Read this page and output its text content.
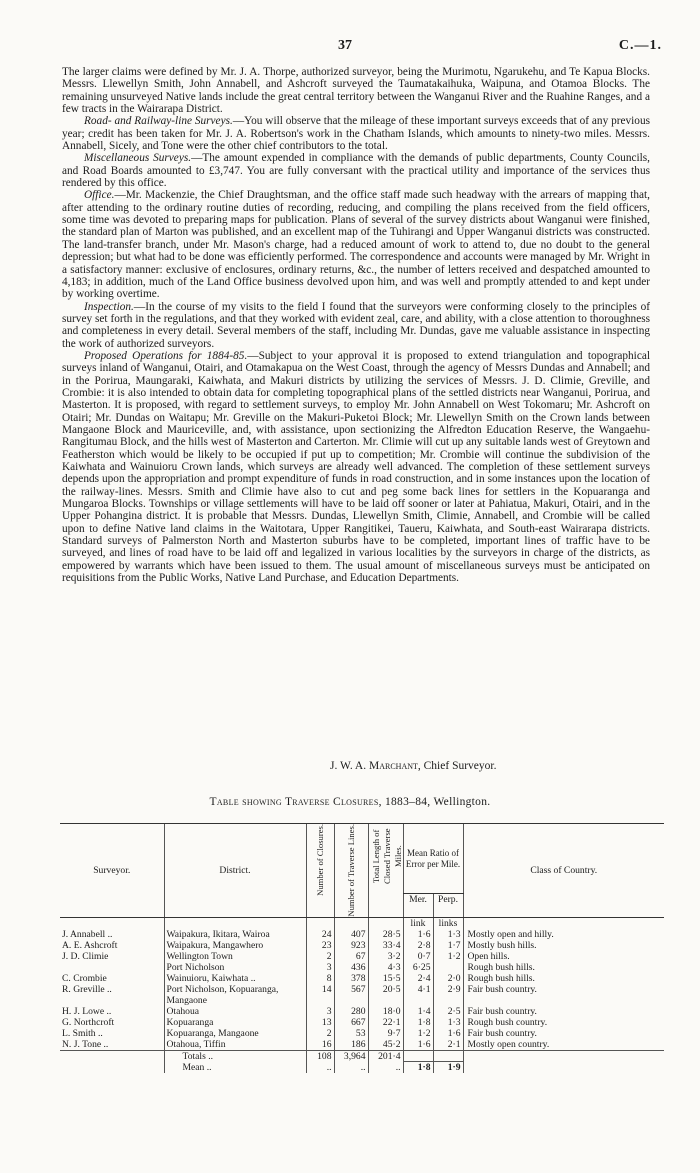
37	C.—1.

The larger claims were defined by Mr. J. A. Thorpe, authorized surveyor, being the Murimotu, Ngarukehu, and Te Kapua Blocks. Messrs. Llewellyn Smith, John Annabell, and Ashcroft surveyed the Taumatakaihuka, Waipuna, and Otamoa Blocks. The remaining unsurveyed Native lands include the great central territory between the Wanganui River and the Ruahine Ranges, and a few tracts in the Wairarapa District.

Road- and Railway-line Surveys.—You will observe that the mileage of these important surveys exceeds that of any previous year; credit has been taken for Mr. J. A. Robertson's work in the Chatham Islands, which amounts to ninety-two miles. Messrs. Annabell, Sicely, and Tone were the other chief contributors to the total.

Miscellaneous Surveys.—The amount expended in compliance with the demands of public departments, County Councils, and Road Boards amounted to £3,747. You are fully conversant with the practical utility and importance of the services thus rendered by this office.

Office.—Mr. Mackenzie, the Chief Draughtsman, and the office staff made such headway with the arrears of mapping that, after attending to the ordinary routine duties of recording, reducing, and compiling the plans received from the field officers, some time was devoted to preparing maps for publication. Plans of several of the survey districts about Wanganui were finished, the standard plan of Marton was published, and an excellent map of the Tuhirangi and Upper Wanganui districts was constructed. The land-transfer branch, under Mr. Mason's charge, had a reduced amount of work to attend to, due no doubt to the general depression; but what had to be done was efficiently performed. The correspondence and accounts were managed by Mr. Wright in a satisfactory manner: exclusive of enclosures, ordinary returns, &c., the number of letters received and despatched amounted to 4,183; in addition, much of the Land Office business devolved upon him, and was well and promptly attended to and kept under by working overtime.

Inspection.—In the course of my visits to the field I found that the surveyors were conforming closely to the principles of survey set forth in the regulations, and that they worked with evident zeal, care, and ability, with a close attention to thoroughness and completeness in every detail. Several members of the staff, including Mr. Dundas, gave me valuable assistance in inspecting the work of authorized surveyors.

Proposed Operations for 1884-85.—Subject to your approval it is proposed to extend triangulation and topographical surveys inland of Wanganui, Otairi, and Otamakapua on the West Coast, through the agency of Messrs Dundas and Annabell; and in the Porirua, Maungaraki, Kaiwhata, and Makuri districts by utilizing the services of Messrs. J. D. Climie, Greville, and Crombie: it is also intended to obtain data for completing topographical plans of the settled districts near Wanganui, Porirua, and Masterton. It is proposed, with regard to settlement surveys, to employ Mr. John Annabell on West Tokomaru; Mr. Ashcroft on Otairi; Mr. Dundas on Waitapu; Mr. Greville on the Makuri-Puketoi Block; Mr. Llewellyn Smith on the Crown lands between Mangaone Block and Mauriceville, and, with assistance, upon sectionizing the Alfredton Education Reserve, the Wangaehu-Rangitumau Block, and the hills west of Masterton and Carterton. Mr. Climie will cut up any suitable lands west of Greytown and Featherston which would be likely to be occupied if put up to competition; Mr. Crombie will continue the subdivision of the Kaiwhata and Wainuioru Crown lands, which surveys are already well advanced. The completion of these settlement surveys depends upon the appropriation and prompt expenditure of funds in road construction, and in some instances upon the location of the railway-lines. Messrs. Smith and Climie have also to cut and peg some back lines for settlers in the Kopuaranga and Mungaroa Blocks. Townships or village settlements will have to be laid off sooner or later at Pahiatua, Makuri, Otairi, and in the Upper Pohangina district. It is probable that Messrs. Dundas, Llewellyn Smith, Climie, Annabell, and Crombie will be called upon to define Native land claims in the Waitotara, Upper Rangitikei, Taueru, Kaiwhata, and South-east Wairarapa districts. Standard surveys of Palmerston North and Masterton suburbs have to be completed, important lines of traffic have to be surveyed, and lines of road have to be laid off and legalized in various localities by the surveyors in charge of the districts, as empowered by warrants which have been issued to them. The usual amount of miscellaneous surveys must be anticipated on requisitions from the Public Works, Native Land Purchase, and Education Departments.

J. W. A. Marchant, Chief Surveyor.
Table showing Traverse Closures, 1883–84, Wellington.
Surveyor.	District.	Number of Closures.	Number of Traverse Lines.	Total Length of Closed Traverse Miles.	Mean Ratio of Error per Mile.		Class of Country.
					Mer.	Perp.	
					link	links	
J. Annabell ..	Waipakura, Ikitara, Wairoa	24	407	28·5	1·6	1·3	Mostly open and hilly.
A. E. Ashcroft	Waipakura, Mangawhero	23	923	33·4	2·8	1·7	Mostly bush hills.
J. D. Climie	Wellington Town	2	67	3·2	0·7	1·2	Open hills.
	Port Nicholson	3	436	4·3	6·25		Rough bush hills.
C. Crombie	Wainuioru, Kaiwhata ..	8	378	15·5	2·4	2·0	Rough bush hills.
R. Greville ..	Port Nicholson, Kopuaranga, Mangaone	14	567	20·5	4·1	2·9	Fair bush country.
H. J. Lowe ..	Otahoua	3	280	18·0	1·4	2·5	Fair bush country.
G. Northcroft	Kopuaranga	13	667	22·1	1·8	1·3	Rough bush country.
L. Smith ..	Kopuaranga, Mangaone	2	53	9·7	1·2	1·6	Fair bush country.
N. J. Tone ..	Otahoua, Tiffin	16	186	45·2	1·6	2·1	Mostly open country.
	Totals ..	108	3,964	201·4			
	Mean ..	..	..	..	1·8	1·9	
